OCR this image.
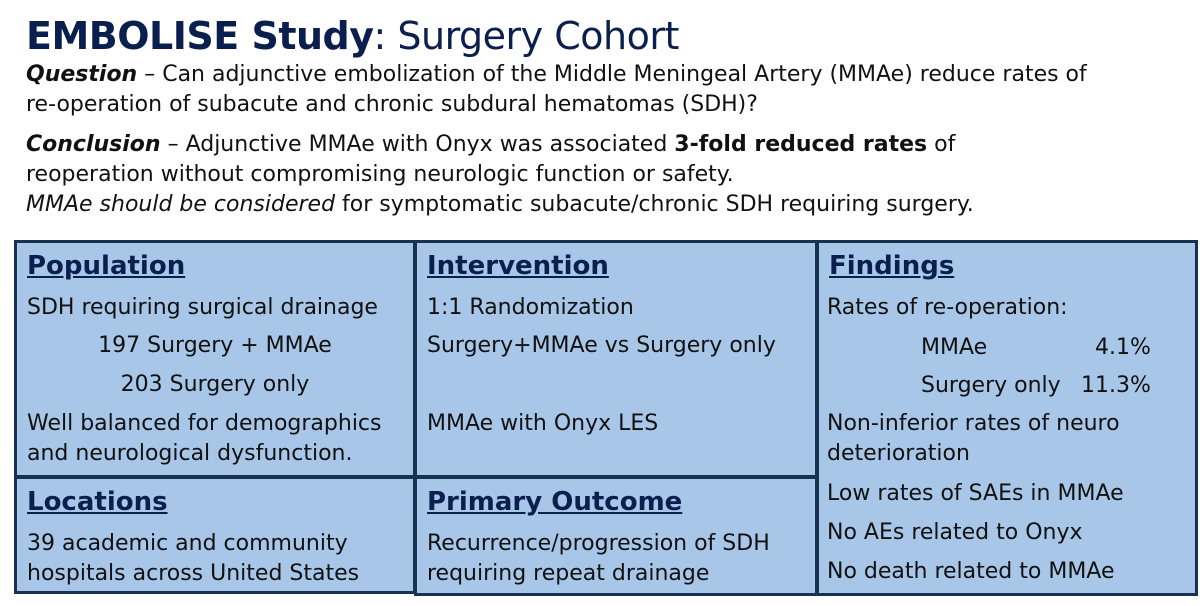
EMBOLISE Study: Surgery Cohort
Question – Can adjunctive embolization of the Middle Meningeal Artery (MMAe) reduce rates of
re-operation of subacute and chronic subdural hematomas (SDH)?
Conclusion – Adjunctive MMAe with Onyx was associated 3-fold reduced rates of
reoperation without compromising neurologic function or safety.
MMAe should be considered for symptomatic subacute/chronic SDH requiring surgery.
Population
SDH requiring surgical drainage
197 Surgery + MMAe
203 Surgery only
Well balanced for demographics
and neurological dysfunction.
Locations
39 academic and community
hospitals across United States
Intervention
1:1 Randomization
Surgery+MMAe vs Surgery only
MMAe with Onyx LES
Primary Outcome
Recurrence/progression of SDH
requiring repeat drainage
Findings
Rates of re-operation:
MMAe	4.1%
Surgery only 11.3%
Non-inferior rates of neuro
deterioration
Low rates of SAEs in MMAe
No AEs related to Onyx
No death related to MMAe
